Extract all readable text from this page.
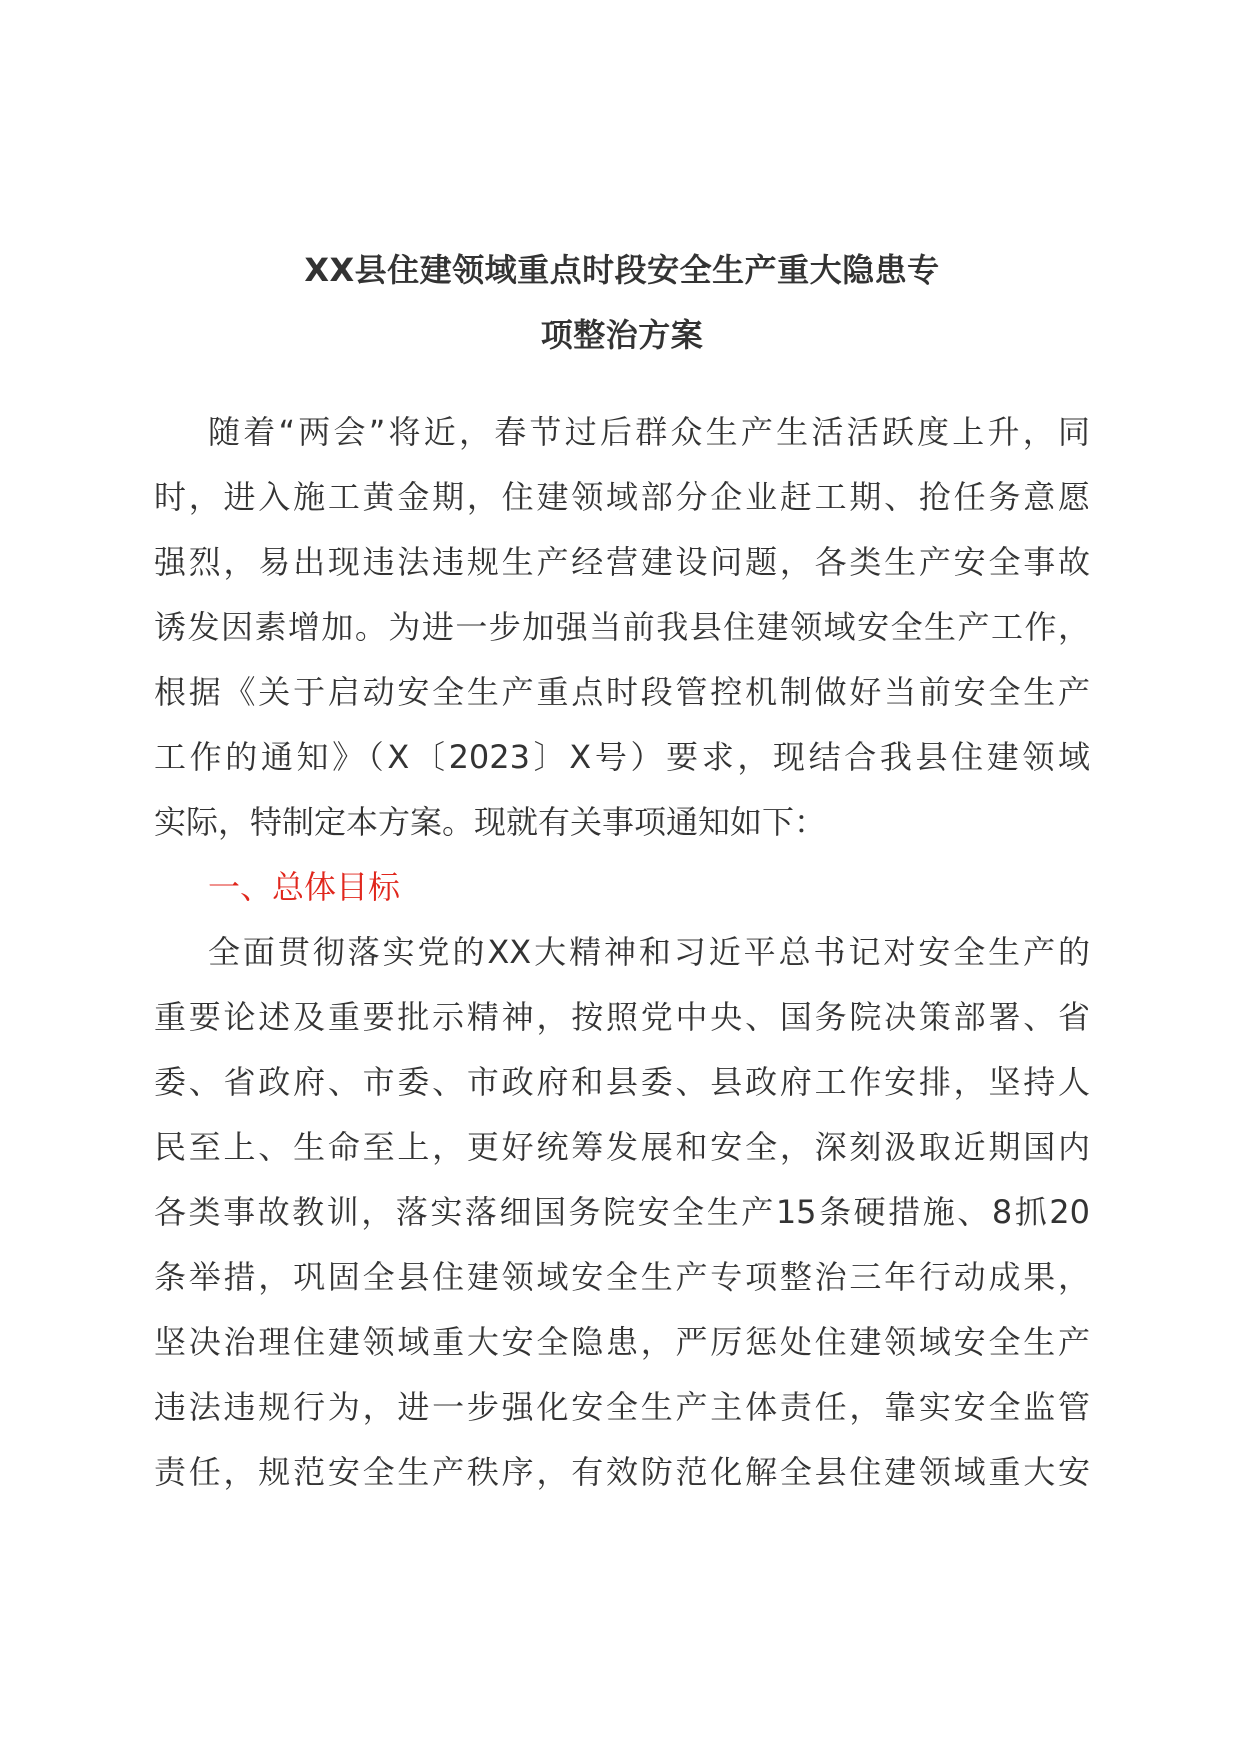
XX县住建领域重点时段安全生产重大隐患专
项整治方案
随着“两会”将近，春节过后群众生产生活活跃度上升，同
时，进入施工黄金期，住建领域部分企业赶工期、抢任务意愿
强烈，易出现违法违规生产经营建设问题，各类生产安全事故
诱发因素增加。为进一步加强当前我县住建领域安全生产工作，
根据《关于启动安全生产重点时段管控机制做好当前安全生产
工作的通知》（X〔2023〕X号）要求，现结合我县住建领域
实际，特制定本方案。现就有关事项通知如下：
一、总体目标
全面贯彻落实党的XX大精神和习近平总书记对安全生产的
重要论述及重要批示精神，按照党中央、国务院决策部署、省
委、省政府、市委、市政府和县委、县政府工作安排，坚持人
民至上、生命至上，更好统筹发展和安全，深刻汲取近期国内
各类事故教训，落实落细国务院安全生产15条硬措施、8抓20
条举措，巩固全县住建领域安全生产专项整治三年行动成果，
坚决治理住建领域重大安全隐患，严厉惩处住建领域安全生产
违法违规行为，进一步强化安全生产主体责任，靠实安全监管
责任，规范安全生产秩序，有效防范化解全县住建领域重大安
